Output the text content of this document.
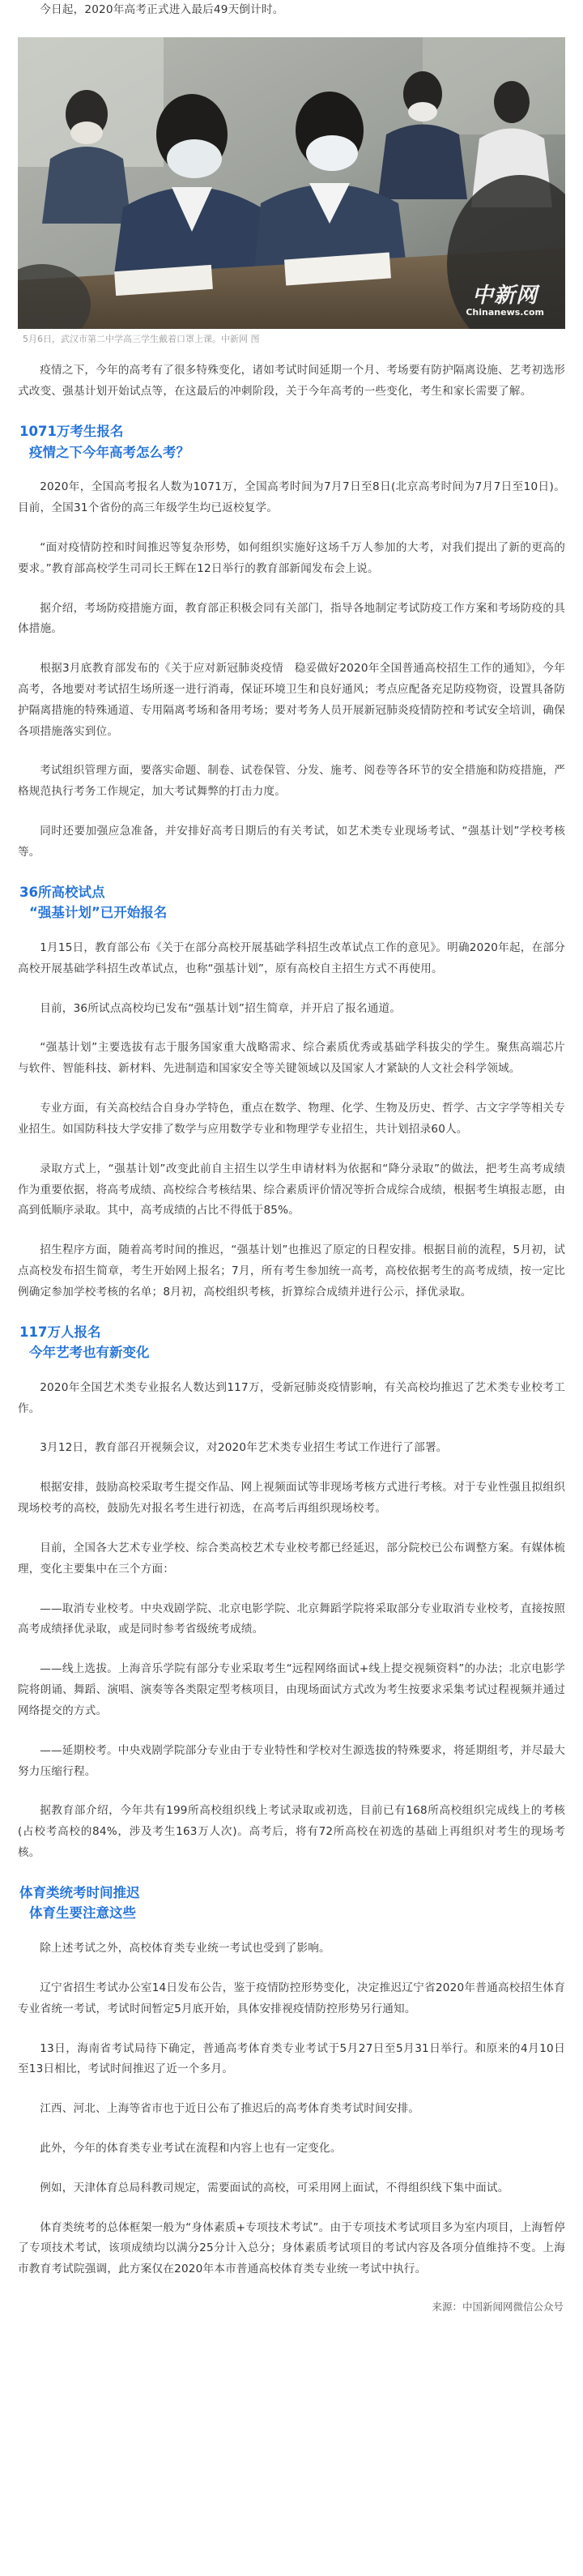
今日起，2020年高考正式进入最后49天倒计时。

中新网
Chinanews.com
5月6日，武汉市第二中学高三学生戴着口罩上课。中新网 图

疫情之下，今年的高考有了很多特殊变化，诸如考试时间延期一个月、考场要有防护隔离设施、艺考初选形式改变、强基计划开始试点等，在这最后的冲刺阶段，关于今年高考的一些变化，考生和家长需要了解。

1071万考生报名
疫情之下今年高考怎么考？

2020年，全国高考报名人数为1071万，全国高考时间为7月7日至8日(北京高考时间为7月7日至10日)。目前，全国31个省份的高三年级学生均已返校复学。

“面对疫情防控和时间推迟等复杂形势，如何组织实施好这场千万人参加的大考，对我们提出了新的更高的要求。”教育部高校学生司司长王辉在12日举行的教育部新闻发布会上说。

据介绍，考场防疫措施方面，教育部正积极会同有关部门，指导各地制定考试防疫工作方案和考场防疫的具体措施。

根据3月底教育部发布的《关于应对新冠肺炎疫情　稳妥做好2020年全国普通高校招生工作的通知》，今年高考，各地要对考试招生场所逐一进行消毒，保证环境卫生和良好通风；考点应配备充足防疫物资，设置具备防护隔离措施的特殊通道、专用隔离考场和备用考场；要对考务人员开展新冠肺炎疫情防控和考试安全培训，确保各项措施落实到位。

考试组织管理方面，要落实命题、制卷、试卷保管、分发、施考、阅卷等各环节的安全措施和防疫措施，严格规范执行考务工作规定，加大考试舞弊的打击力度。

同时还要加强应急准备，并安排好高考日期后的有关考试，如艺术类专业现场考试、“强基计划”学校考核等。

36所高校试点
“强基计划”已开始报名

1月15日，教育部公布《关于在部分高校开展基础学科招生改革试点工作的意见》。明确2020年起，在部分高校开展基础学科招生改革试点，也称“强基计划”，原有高校自主招生方式不再使用。

目前，36所试点高校均已发布“强基计划”招生简章，并开启了报名通道。

“强基计划”主要选拔有志于服务国家重大战略需求、综合素质优秀或基础学科拔尖的学生。聚焦高端芯片与软件、智能科技、新材料、先进制造和国家安全等关键领域以及国家人才紧缺的人文社会科学领域。

专业方面，有关高校结合自身办学特色，重点在数学、物理、化学、生物及历史、哲学、古文字学等相关专业招生。如国防科技大学安排了数学与应用数学专业和物理学专业招生，共计划招录60人。

录取方式上，“强基计划”改变此前自主招生以学生申请材料为依据和“降分录取”的做法，把考生高考成绩作为重要依据，将高考成绩、高校综合考核结果、综合素质评价情况等折合成综合成绩，根据考生填报志愿，由高到低顺序录取。其中，高考成绩的占比不得低于85%。

招生程序方面，随着高考时间的推迟，“强基计划”也推迟了原定的日程安排。根据目前的流程，5月初，试点高校发布招生简章，考生开始网上报名；7月，所有考生参加统一高考，高校依据考生的高考成绩，按一定比例确定参加学校考核的名单；8月初，高校组织考核，折算综合成绩并进行公示，择优录取。

117万人报名
今年艺考也有新变化

2020年全国艺术类专业报名人数达到117万，受新冠肺炎疫情影响，有关高校均推迟了艺术类专业校考工作。

3月12日，教育部召开视频会议，对2020年艺术类专业招生考试工作进行了部署。

根据安排，鼓励高校采取考生提交作品、网上视频面试等非现场考核方式进行考核。对于专业性强且拟组织现场校考的高校，鼓励先对报名考生进行初选，在高考后再组织现场校考。

目前，全国各大艺术专业学校、综合类高校艺术专业校考都已经延迟，部分院校已公布调整方案。有媒体梳理，变化主要集中在三个方面：

——取消专业校考。中央戏剧学院、北京电影学院、北京舞蹈学院将采取部分专业取消专业校考，直接按照高考成绩择优录取，或是同时参考省级统考成绩。

——线上选拔。上海音乐学院有部分专业采取考生“远程网络面试+线上提交视频资料”的办法；北京电影学院将朗诵、舞蹈、演唱、演奏等各类限定型考核项目，由现场面试方式改为考生按要求采集考试过程视频并通过网络提交的方式。

——延期校考。中央戏剧学院部分专业由于专业特性和学校对生源选拔的特殊要求，将延期组考，并尽最大努力压缩行程。

据教育部介绍，今年共有199所高校组织线上考试录取或初选，目前已有168所高校组织完成线上的考核(占校考高校的84%，涉及考生163万人次)。高考后，将有72所高校在初选的基础上再组织对考生的现场考核。

体育类统考时间推迟
体育生要注意这些

除上述考试之外，高校体育类专业统一考试也受到了影响。

辽宁省招生考试办公室14日发布公告，鉴于疫情防控形势变化，决定推迟辽宁省2020年普通高校招生体育专业省统一考试，考试时间暂定5月底开始，具体安排视疫情防控形势另行通知。

13日，海南省考试局待下确定，普通高考体育类专业考试于5月27日至5月31日举行。和原来的4月10日至13日相比，考试时间推迟了近一个多月。

江西、河北、上海等省市也于近日公布了推迟后的高考体育类考试时间安排。

此外，今年的体育类专业考试在流程和内容上也有一定变化。

例如，天津体育总局科教司规定，需要面试的高校，可采用网上面试，不得组织线下集中面试。

体育类统考的总体框架一般为“身体素质+专项技术考试”。由于专项技术考试项目多为室内项目，上海暂停了专项技术考试，该项成绩均以满分25分计入总分；身体素质考试项目的考试内容及各项分值维持不变。上海市教育考试院强调，此方案仅在2020年本市普通高校体育类专业统一考试中执行。

来源：中国新闻网微信公众号
